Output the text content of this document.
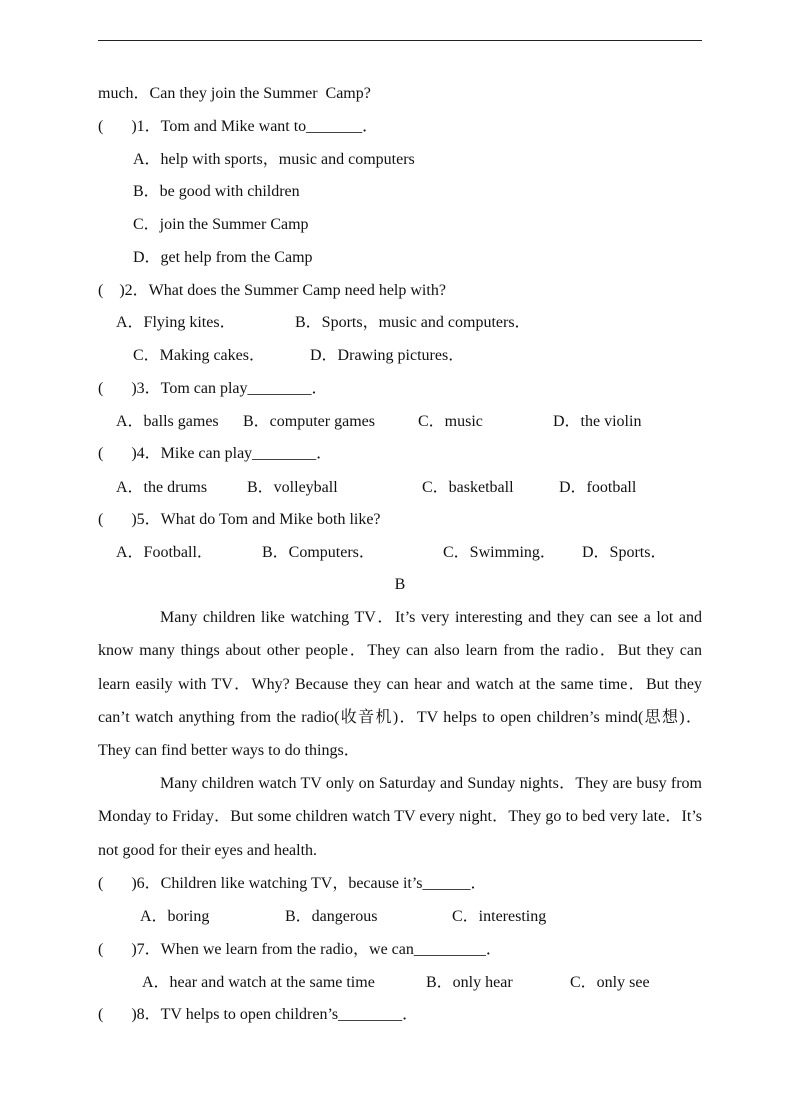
much．Can they join the Summer  Camp?
(       )1．Tom and Mike want to_______．
A．help with sports，music and computers
B．be good with children
C．join the Summer Camp
D．get help from the Camp
(    )2．What does the Summer Camp need help with?
A．Flying kites．	B．Sports，music and computers．
C．Making cakes．	D．Drawing pictures．
(       )3．Tom can play________．
A．balls games B．computer games	C．music	D．the violin
(       )4．Mike can play________．
A．the drums B．volleyball	C．basketball	D．football
(       )5．What do Tom and Mike both like?
A．Football．	B．Computers．	C．Swimming． D．Sports．
B
Many children like watching TV．It’s very interesting and they can see a lot and know many things about other people．They can also learn from the radio．But they can learn easily with TV．Why? Because they can hear and watch at the same time．But they can’t watch anything from the radio(收音机)．TV helps to open children’s mind(思想)．They can find better ways to do things．
Many children watch TV only on Saturday and Sunday nights．They are busy from Monday to Friday．But some children watch TV every night．They go to bed very late．It’s not good for their eyes and health.
(       )6．Children like watching TV，because it’s______．
A．boring	B．dangerous	C．interesting
(       )7．When we learn from the radio，we can_________．
A．hear and watch at the same time	B．only hear	C．only see
(       )8．TV helps to open children’s________．
